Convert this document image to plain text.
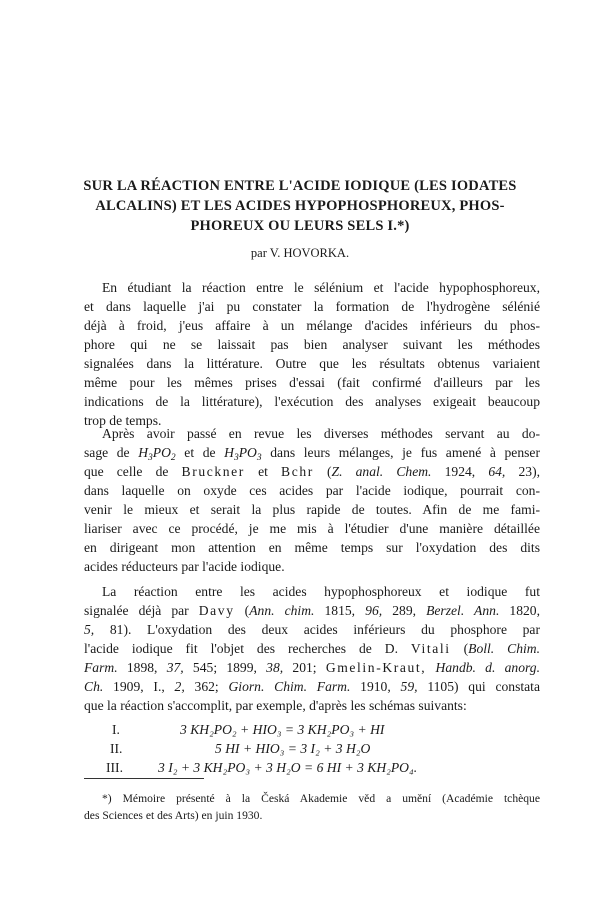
SUR LA RÉACTION ENTRE L'ACIDE IODIQUE (LES IODATES
ALCALINS) ET LES ACIDES HYPOPHOSPHOREUX, PHOS-
PHOREUX OU LEURS SELS I.*)

par V. HOVORKA.

En étudiant la réaction entre le sélénium et l'acide hypophosphoreux,
et dans laquelle j'ai pu constater la formation de l'hydrogène sélénié
déjà à froid, j'eus affaire à un mélange d'acides inférieurs du phos-
phore qui ne se laissait pas bien analyser suivant les méthodes
signalées dans la littérature. Outre que les résultats obtenus variaient
même pour les mêmes prises d'essai (fait confirmé d'ailleurs par les
indications de la littérature), l'exécution des analyses exigeait beaucoup
trop de temps.
Après avoir passé en revue les diverses méthodes servant au do-
sage de $H_3PO_2$ et de $H_3PO_3$ dans leurs mélanges, je fus amené à penser
que celle de Bruckner et Bchr (Z. anal. Chem. 1924, 64, 23),
dans laquelle on oxyde ces acides par l'acide iodique, pourrait con-
venir le mieux et serait la plus rapide de toutes. Afin de me fami-
liariser avec ce procédé, je me mis à l'étudier d'une manière détaillée
en dirigeant mon attention en même temps sur l'oxydation des dits
acides réducteurs par l'acide iodique.
La réaction entre les acides hypophosphoreux et iodique fut
signalée déjà par Davy (Ann. chim. 1815, 96, 289, Berzel. Ann. 1820,
5, 81). L'oxydation des deux acides inférieurs du phosphore par
l'acide iodique fit l'objet des recherches de D. Vitali (Boll. Chim.
Farm. 1898, 37, 545; 1899, 38, 201; Gmelin-Kraut, Handb. d. anorg.
Ch. 1909, I., 2, 362; Giorn. Chim. Farm. 1910, 59, 1105) qui constata
que la réaction s'accomplit, par exemple, d'après les schémas suivants:
I.	3 KH₂PO₂ + HIO₃ = 3 KH₂PO₃ + HI
II.	5 HI + HIO₃ = 3 I₂ + 3 H₂O
III.	3 I₂ + 3 KH₂PO₃ + 3 H₂O = 6 HI + 3 KH₂PO₄.
*) Mémoire présenté à la Česká Akademie věd a umění (Académie tchèque
des Sciences et des Arts) en juin 1930.
